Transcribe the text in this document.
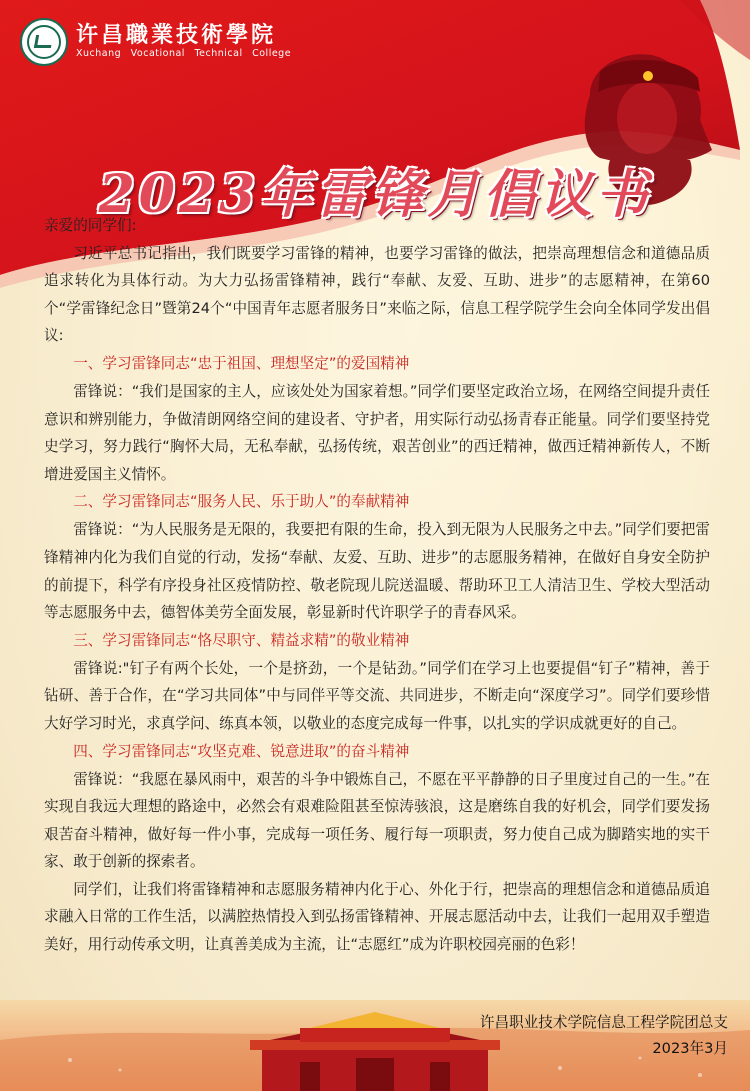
许昌職業技術學院
Xuchang Vocational Technical College
2023年雷锋月倡议书

亲爱的同学们:

习近平总书记指出，我们既要学习雷锋的精神，也要学习雷锋的做法，把崇高理想信念和道德品质追求转化为具体行动。为大力弘扬雷锋精神，践行“奉献、友爱、互助、进步”的志愿精神，在第60个“学雷锋纪念日”暨第24个“中国青年志愿者服务日”来临之际，信息工程学院学生会向全体同学发出倡议:

一、学习雷锋同志“忠于祖国、理想坚定”的爱国精神

雷锋说：“我们是国家的主人，应该处处为国家着想。”同学们要坚定政治立场，在网络空间提升责任意识和辨别能力，争做清朗网络空间的建设者、守护者，用实际行动弘扬青春正能量。同学们要坚持党史学习，努力践行“胸怀大局，无私奉献，弘扬传统，艰苦创业”的西迁精神，做西迁精神新传人，不断增进爱国主义情怀。

二、学习雷锋同志“服务人民、乐于助人”的奉献精神

雷锋说：“为人民服务是无限的，我要把有限的生命，投入到无限为人民服务之中去。”同学们要把雷锋精神内化为我们自觉的行动，发扬“奉献、友爱、互助、进步”的志愿服务精神，在做好自身安全防护的前提下，科学有序投身社区疫情防控、敬老院现儿院送温暖、帮助环卫工人清洁卫生、学校大型活动等志愿服务中去，德智体美劳全面发展，彰显新时代许职学子的青春风采。

三、学习雷锋同志“恪尽职守、精益求精”的敬业精神

雷锋说:"钉子有两个长处，一个是挤劲，一个是钻劲。”同学们在学习上也要提倡“钉子”精神，善于钻研、善于合作，在“学习共同体”中与同伴平等交流、共同进步，不断走向“深度学习”。同学们要珍惜大好学习时光，求真学问、练真本领，以敬业的态度完成每一件事，以扎实的学识成就更好的自己。

四、学习雷锋同志“攻坚克难、锐意进取”的奋斗精神

雷锋说：“我愿在暴风雨中，艰苦的斗争中锻炼自己，不愿在平平静静的日子里度过自己的一生。”在实现自我远大理想的路途中，必然会有艰难险阻甚至惊涛骇浪，这是磨练自我的好机会，同学们要发扬艰苦奋斗精神，做好每一件小事，完成每一项任务、履行每一项职责，努力使自己成为脚踏实地的实干家、敢于创新的探索者。

同学们，让我们将雷锋精神和志愿服务精神内化于心、外化于行，把崇高的理想信念和道德品质追求融入日常的工作生活，以满腔热情投入到弘扬雷锋精神、开展志愿活动中去，让我们一起用双手塑造美好，用行动传承文明，让真善美成为主流，让“志愿红”成为许职校园亮丽的色彩！

许昌职业技术学院信息工程学院团总支
2023年3月
